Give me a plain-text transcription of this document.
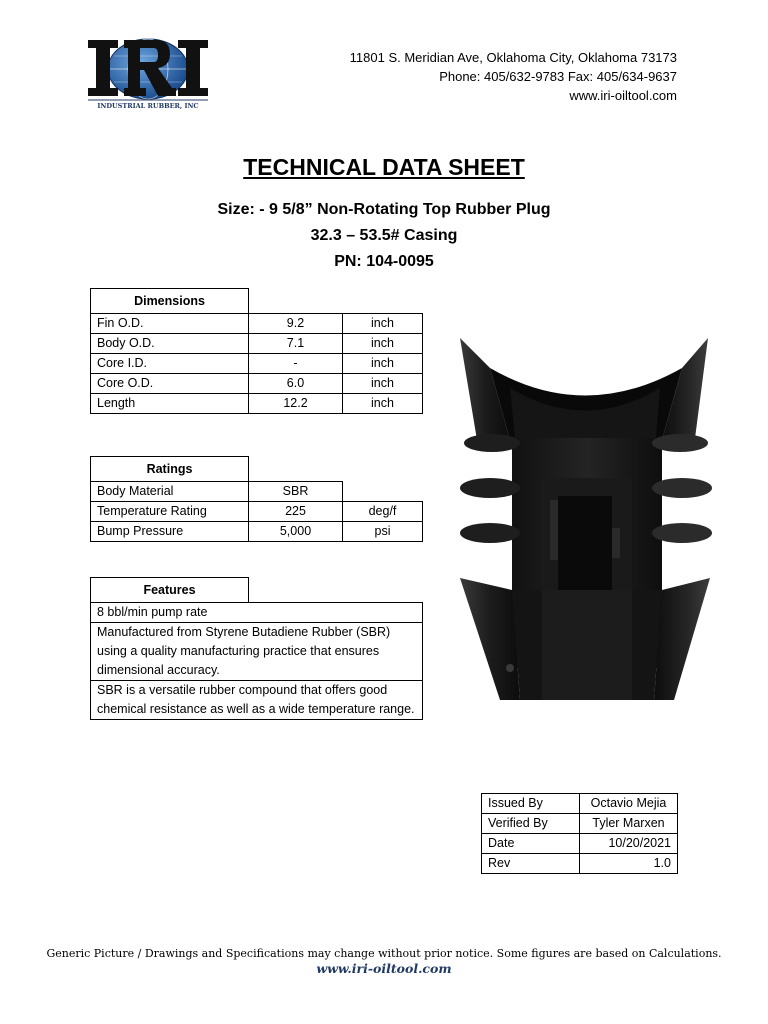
INDUSTRIAL RUBBER, INC
11801 S. Meridian Ave, Oklahoma City, Oklahoma 73173
Phone: 405/632-9783 Fax: 405/634-9637
www.iri-oiltool.com
TECHNICAL DATA SHEET
Size: - 9 5/8” Non-Rotating Top Rubber Plug
32.3 – 53.5# Casing
PN: 104-0095
Dimensions		
Fin O.D.	9.2	inch
Body O.D.	7.1	inch
Core I.D.	-	inch
Core O.D.	6.0	inch
Length	12.2	inch
Ratings		
Body Material	SBR	
Temperature Rating	225	deg/f
Bump Pressure	5,000	psi
Features	
8 bbl/min pump rate
Manufactured from Styrene Butadiene Rubber (SBR) using a quality manufacturing practice that ensures dimensional accuracy.
SBR is a versatile rubber compound that offers good chemical resistance as well as a wide temperature range.
Issued By	Octavio Mejia
Verified By	Tyler Marxen
Date	10/20/2021
Rev	1.0
Generic Picture / Drawings and Specifications may change without prior notice. Some figures are based on Calculations.
www.iri-oiltool.com
